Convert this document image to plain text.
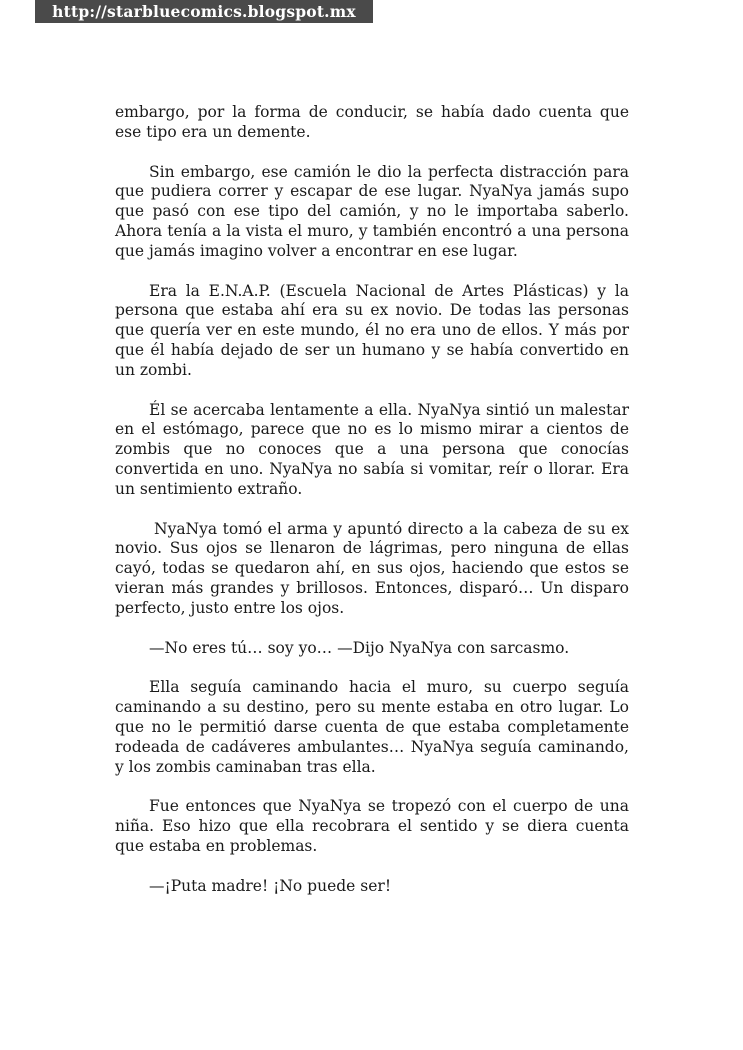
http://starbluecomics.blogspot.mx

embargo, por la forma de conducir, se había dado cuenta que ese tipo era un demente.

Sin embargo, ese camión le dio la perfecta distracción para que pudiera correr y escapar de ese lugar. NyaNya jamás supo que pasó con ese tipo del camión, y no le importaba saberlo. Ahora tenía a la vista el muro, y también encontró a una persona que jamás imagino volver a encontrar en ese lugar.

Era la E.N.A.P. (Escuela Nacional de Artes Plásticas) y la persona que estaba ahí era su ex novio. De todas las personas que quería ver en este mundo, él no era uno de ellos. Y más por que él había dejado de ser un humano y se había convertido en un zombi.

Él se acercaba lentamente a ella. NyaNya sintió un malestar en el estómago, parece que no es lo mismo mirar a cientos de zombis que no conoces que a una persona que conocías convertida en uno. NyaNya no sabía si vomitar, reír o llorar. Era un sentimiento extraño.

NyaNya tomó el arma y apuntó directo a la cabeza de su ex novio. Sus ojos se llenaron de lágrimas, pero ninguna de ellas cayó, todas se quedaron ahí, en sus ojos, haciendo que estos se vieran más grandes y brillosos. Entonces, disparó… Un disparo perfecto, justo entre los ojos.

—No eres tú… soy yo… —Dijo NyaNya con sarcasmo.

Ella seguía caminando hacia el muro, su cuerpo seguía caminando a su destino, pero su mente estaba en otro lugar. Lo que no le permitió darse cuenta de que estaba completamente rodeada de cadáveres ambulantes… NyaNya seguía caminando, y los zombis caminaban tras ella.

Fue entonces que NyaNya se tropezó con el cuerpo de una niña. Eso hizo que ella recobrara el sentido y se diera cuenta que estaba en problemas.

—¡Puta madre! ¡No puede ser!
